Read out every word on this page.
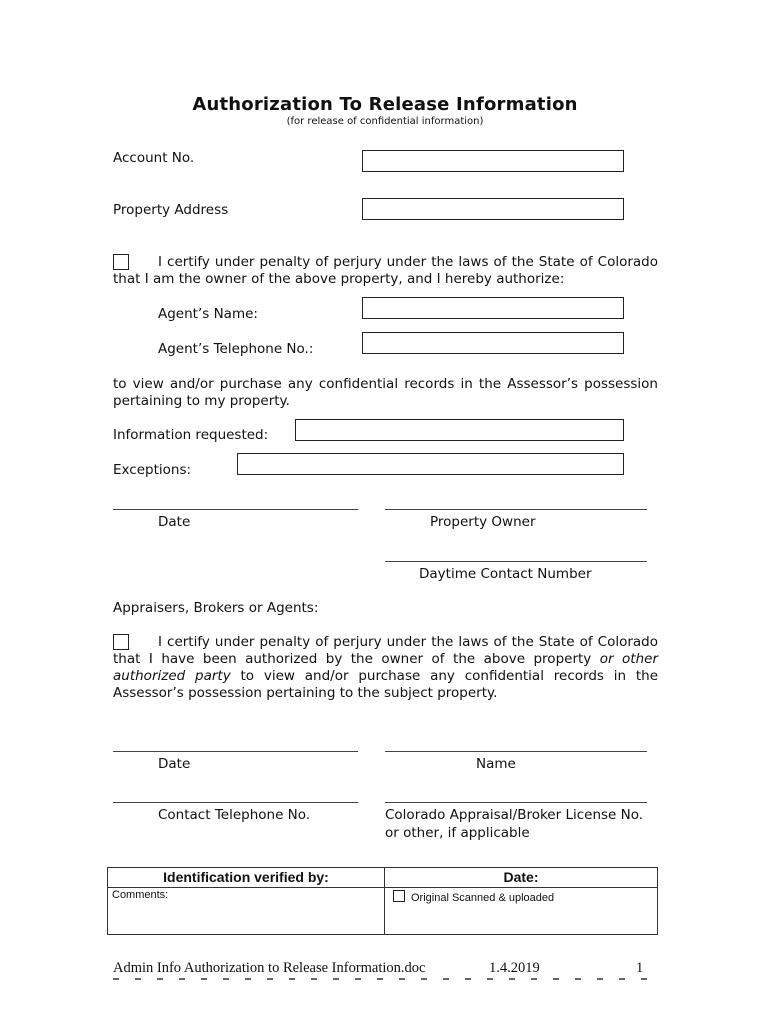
Authorization To Release Information
(for release of confidential information)
Account No.
Property Address
I certify under penalty of perjury under the laws of the State of Colorado that I am the owner of the above property, and I hereby authorize:
Agent’s Name:
Agent’s Telephone No.:
to view and/or purchase any confidential records in the Assessor’s possession pertaining to my property.
Information requested:
Exceptions:
Date	Property Owner
Daytime Contact Number
Appraisers, Brokers or Agents:
I certify under penalty of perjury under the laws of the State of Colorado that I have been authorized by the owner of the above property or other authorized party to view and/or purchase any confidential records in the Assessor’s possession pertaining to the subject property.
Date	Name
Contact Telephone No.	Colorado Appraisal/Broker License No.
or other, if applicable
Identification verified by:	Date:
Comments:	Original Scanned & uploaded
Admin Info Authorization to Release Information.doc	1.4.2019	1
